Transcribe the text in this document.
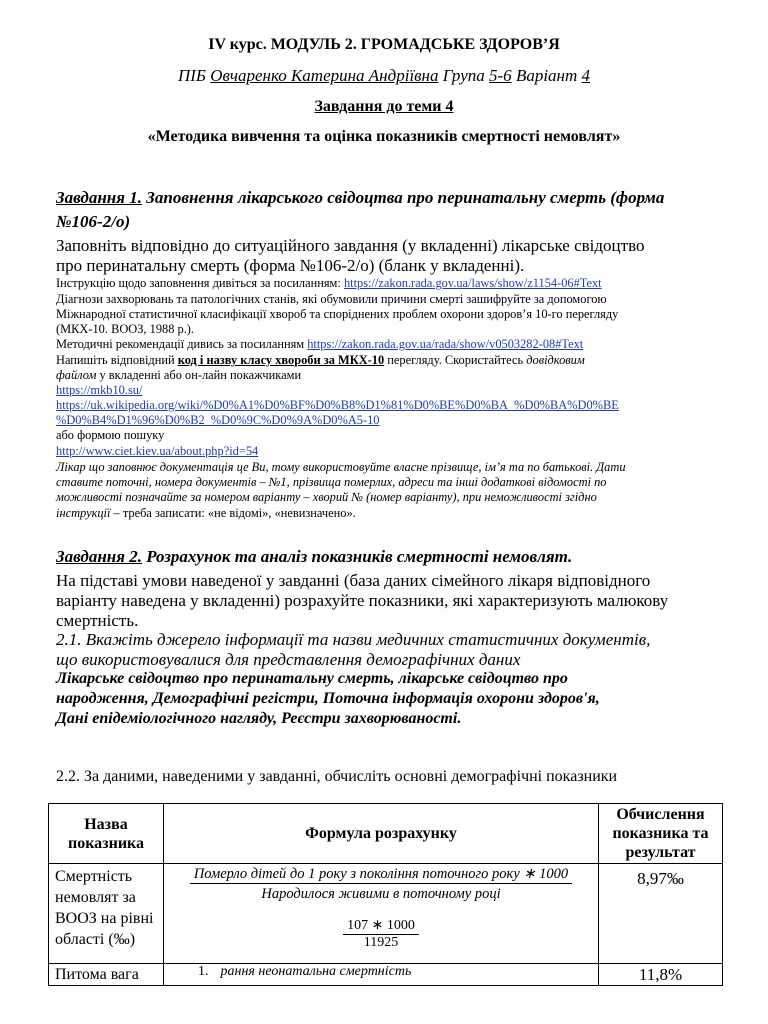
IV курс. МОДУЛЬ 2. ГРОМАДСЬКЕ ЗДОРОВ’Я
ПІБ Овчаренко Катерина Андріївна Група 5-6 Варіант 4
Завдання до теми 4
«Методика вивчення та оцінка показників смертності немовлят»
Завдання 1. Заповнення лікарського свідоцтва про перинатальну смерть (форма
№106-2/о)
Заповніть відповідно до ситуаційного завдання (у вкладенні) лікарське свідоцтво
про перинатальну смерть (форма №106-2/о) (бланк у вкладенні).
Інструкцію щодо заповнення дивіться за посиланням: https://zakon.rada.gov.ua/laws/show/z1154-06#Text
Діагнози захворювань та патологічних станів, які обумовили причини смерті зашифруйте за допомогою
Міжнародної статистичної класифікації хвороб та споріднених проблем охорони здоров’я 10-го перегляду
(МКХ-10. ВООЗ, 1988 р.).
Методичні рекомендації дивись за посиланням https://zakon.rada.gov.ua/rada/show/v0503282-08#Text
Напишіть відповідний код і назву класу хвороби за МКХ-10 перегляду. Скористайтесь довідковим
файлом у вкладенні або он-лайн покажчиками
https://mkb10.su/
https://uk.wikipedia.org/wiki/%D0%A1%D0%BF%D0%B8%D1%81%D0%BE%D0%BA_%D0%BA%D0%BE
%D0%B4%D1%96%D0%B2_%D0%9C%D0%9A%D0%A5-10
або формою пошуку
http://www.ciet.kiev.ua/about.php?id=54
Лікар що заповнює документація це Ви, тому використовуйте власне прізвище, ім’я та по батькові. Дати
ставите поточні, номера документів – №1, прізвища померлих, адреси та інші додаткові відомості по
можливості позначайте за номером варіанту – хворий № (номер варіанту), при неможливості згідно
інструкції – треба записати: «не відомі», «невизначено».
Завдання 2. Розрахунок та аналіз показників смертності немовлят.
На підставі умови наведеної у завданні (база даних сімейного лікаря відповідного
варіанту наведена у вкладенні) розрахуйте показники, які характеризують малюкову
смертність.
2.1. Вкажіть джерело інформації та назви медичних статистичних документів,
що використовувалися для представлення демографічних даних
Лікарське свідоцтво про перинатальну смерть, лікарське свідоцтво про
народження, Демографічні регістри, Поточна інформація охорони здоров'я,
Дані епідеміологічного нагляду, Реєстри захворюваності.
2.2. За даними, наведеними у завданні, обчисліть основні демографічні показники
Назва показника	Формула розрахунку	Обчислення показника та результат
Смертність немовлят за ВООЗ на рівні області (‰)	Померло дітей до 1 року з покоління поточного року ∗ 1000
Народилося живими в поточному році
107 ∗ 1000
11925	8,97‰
Питома вага	1. рання неонатальна смертність	11,8%
